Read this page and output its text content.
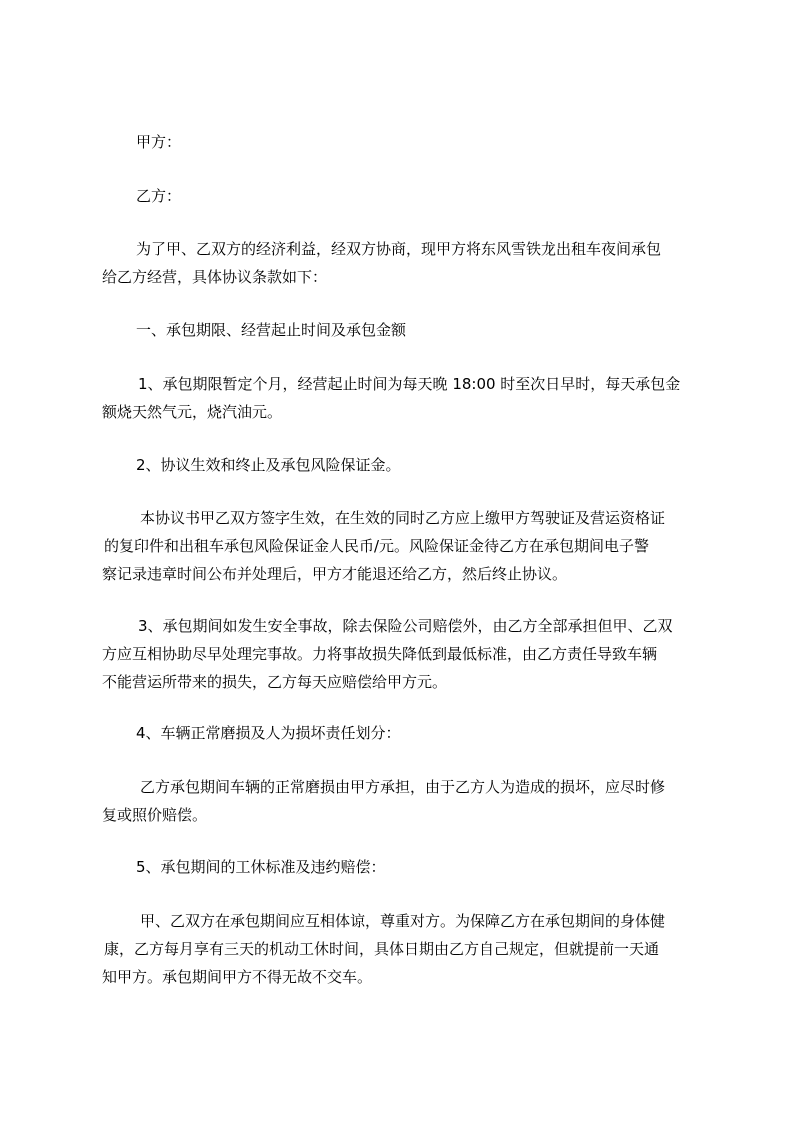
甲方：
乙方：

为了甲、乙双方的经济利益，经双方协商，现甲方将东风雪铁龙出租车夜间承包

给乙方经营，具体协议条款如下：

一、承包期限、经营起止时间及承包金额

1、承包期限暂定个月，经营起止时间为每天晚 18:00 时至次日早时，每天承包金

额烧天然气元，烧汽油元。

2、协议生效和终止及承包风险保证金。

本协议书甲乙双方签字生效，在生效的同时乙方应上缴甲方驾驶证及营运资格证

的复印件和出租车承包风险保证金人民币/元。风险保证金待乙方在承包期间电子警

察记录违章时间公布并处理后，甲方才能退还给乙方，然后终止协议。

3、承包期间如发生安全事故，除去保险公司赔偿外，由乙方全部承担但甲、乙双

方应互相协助尽早处理完事故。力将事故损失降低到最低标准，由乙方责任导致车辆

不能营运所带来的损失，乙方每天应赔偿给甲方元。

4、车辆正常磨损及人为损坏责任划分：

乙方承包期间车辆的正常磨损由甲方承担，由于乙方人为造成的损坏，应尽时修

复或照价赔偿。

5、承包期间的工休标准及违约赔偿：

甲、乙双方在承包期间应互相体谅，尊重对方。为保障乙方在承包期间的身体健

康，乙方每月享有三天的机动工休时间，具体日期由乙方自己规定，但就提前一天通

知甲方。承包期间甲方不得无故不交车。
